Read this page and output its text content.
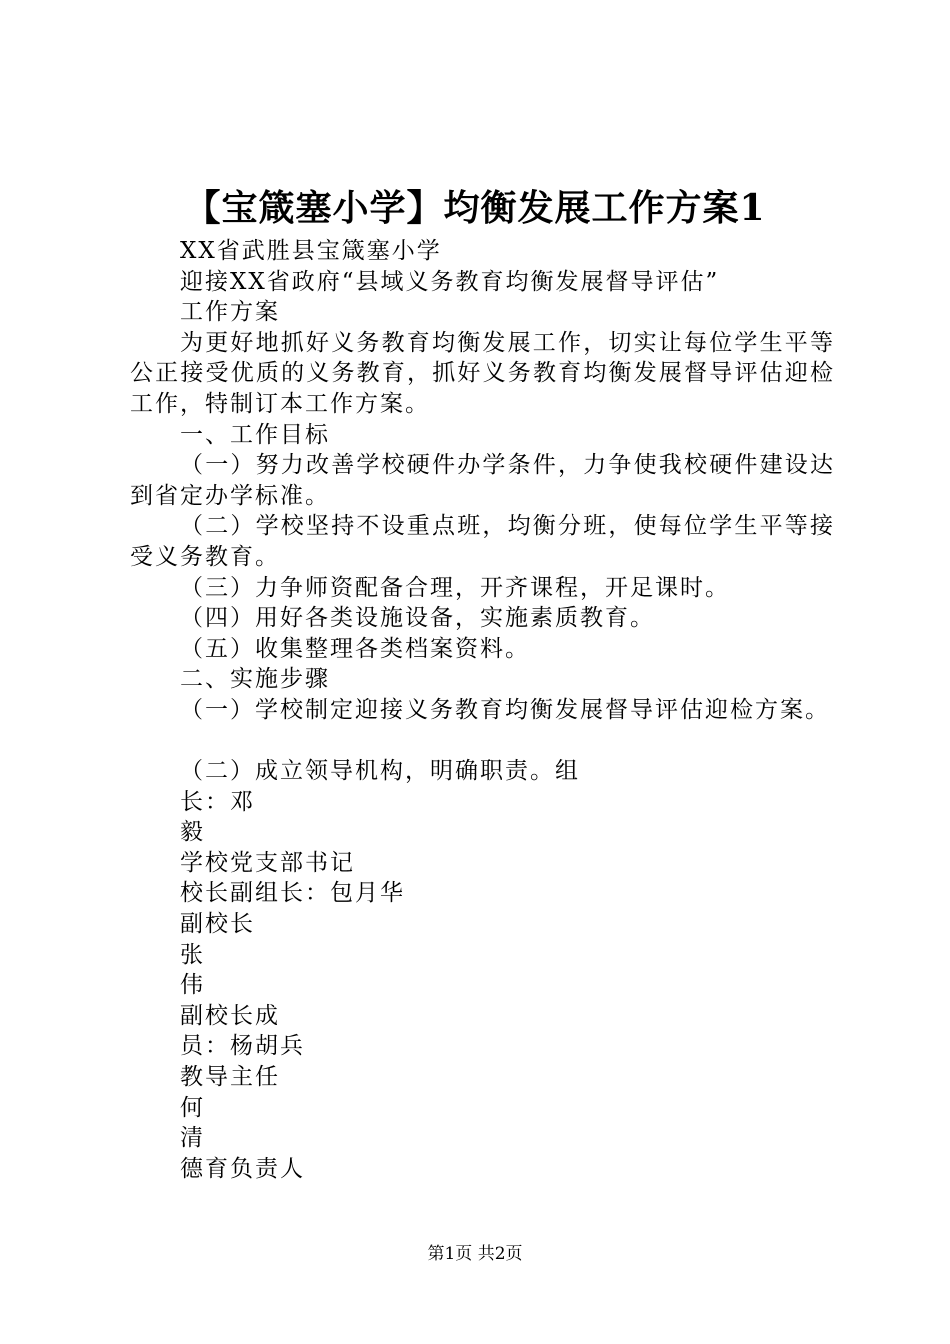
【宝箴塞小学】均衡发展工作方案1
XX省武胜县宝箴塞小学
迎接XX省政府“县域义务教育均衡发展督导评估”
工作方案
为更好地抓好义务教育均衡发展工作，切实让每位学生平等公正接受优质的义务教育，抓好义务教育均衡发展督导评估迎检工作，特制订本工作方案。
一、工作目标
（一）努力改善学校硬件办学条件，力争使我校硬件建设达到省定办学标准。
（二）学校坚持不设重点班，均衡分班，使每位学生平等接受义务教育。
（三）力争师资配备合理，开齐课程，开足课时。
（四）用好各类设施设备，实施素质教育。
（五）收集整理各类档案资料。
二、实施步骤
（一）学校制定迎接义务教育均衡发展督导评估迎检方案。
（二）成立领导机构，明确职责。组
长：邓
毅
学校党支部书记
校长副组长：包月华
副校长
张
伟
副校长成
员：杨胡兵
教导主任
何
清
德育负责人
第1页 共2页
